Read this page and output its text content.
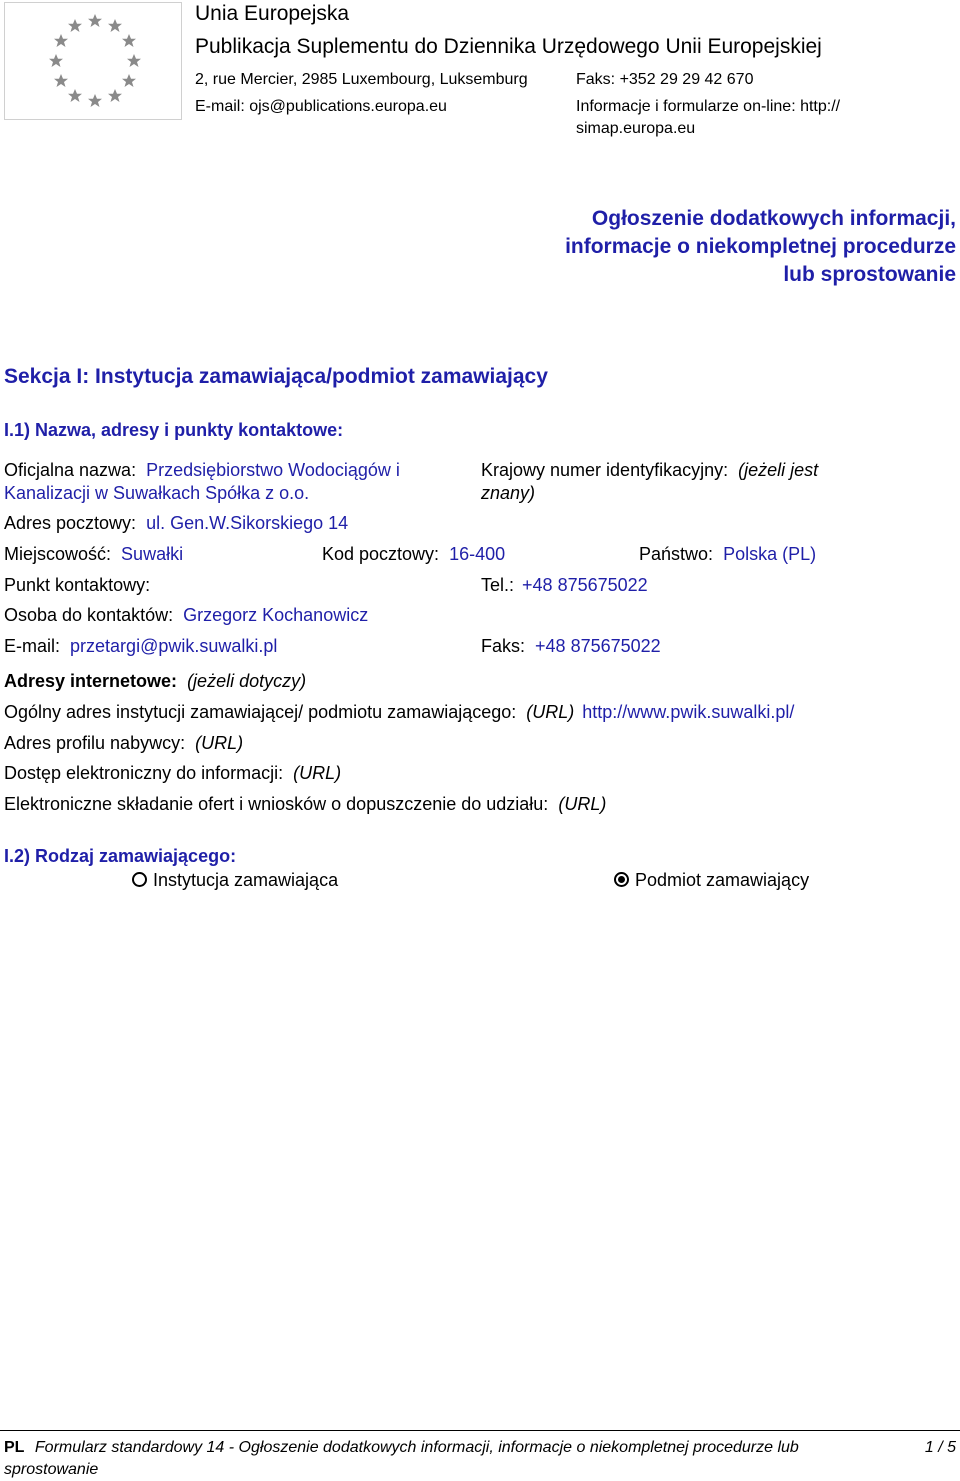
Unia Europejska
Publikacja Suplementu do Dziennika Urzędowego Unii Europejskiej
2, rue Mercier, 2985 Luxembourg, Luksemburg	Faks: +352 29 29 42 670
E-mail: ojs@publications.europa.eu	Informacje i formularze on-line: http://
simap.europa.eu
Ogłoszenie dodatkowych informacji, informacje o niekompletnej procedurze lub sprostowanie
Sekcja I: Instytucja zamawiająca/podmiot zamawiający
I.1) Nazwa, adresy i punkty kontaktowe:
Oficjalna nazwa: Przedsiębiorstwo Wodociągów i
Kanalizacji w Suwałkach Spółka z o.o.
Krajowy numer identyfikacyjny: (jeżeli jest
znany)
Adres pocztowy: ul. Gen.W.Sikorskiego 14
Miejscowość: Suwałki	Kod pocztowy: 16-400	Państwo: Polska (PL)
Punkt kontaktowy:	Tel.: +48 875675022
Osoba do kontaktów: Grzegorz Kochanowicz
E-mail: przetargi@pwik.suwalki.pl	Faks: +48 875675022
Adresy internetowe: (jeżeli dotyczy)
Ogólny adres instytucji zamawiającej/ podmiotu zamawiającego: (URL) http://www.pwik.suwalki.pl/
Adres profilu nabywcy: (URL)
Dostęp elektroniczny do informacji: (URL)
Elektroniczne składanie ofert i wniosków o dopuszczenie do udziału: (URL)
I.2) Rodzaj zamawiającego:
Instytucja zamawiająca	Podmiot zamawiający
PL Formularz standardowy 14 - Ogłoszenie dodatkowych informacji, informacje o niekompletnej procedurze lub sprostowanie
1 / 5
